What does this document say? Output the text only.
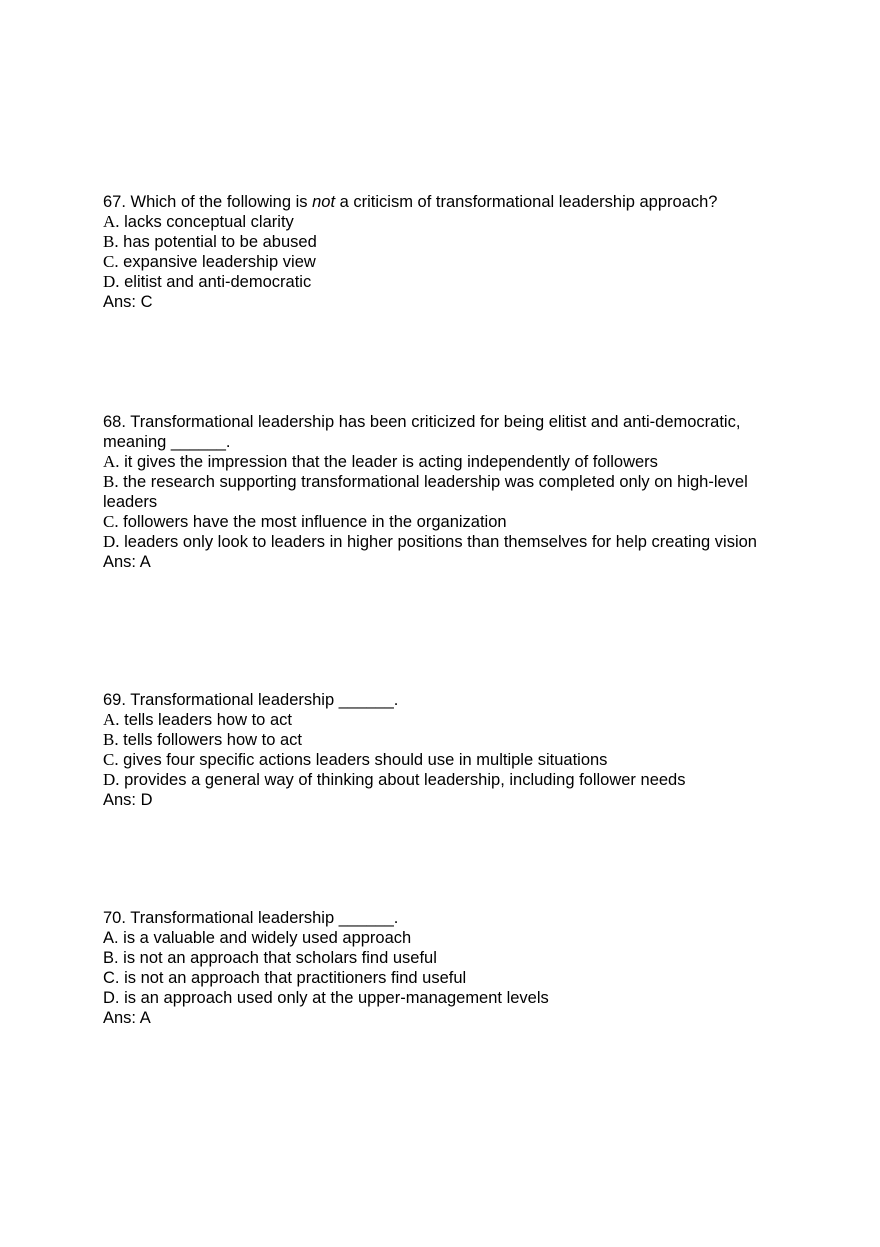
67. Which of the following is not a criticism of transformational leadership approach?

A. lacks conceptual clarity

B. has potential to be abused

C. expansive leadership view

D. elitist and anti-democratic

Ans: C

68. Transformational leadership has been criticized for being elitist and anti-democratic, meaning ______.

A. it gives the impression that the leader is acting independently of followers

B. the research supporting transformational leadership was completed only on high-level leaders

C. followers have the most influence in the organization

D. leaders only look to leaders in higher positions than themselves for help creating vision

Ans: A

69. Transformational leadership ______.

A. tells leaders how to act

B. tells followers how to act

C. gives four specific actions leaders should use in multiple situations

D. provides a general way of thinking about leadership, including follower needs

Ans: D

70. Transformational leadership ______.

A. is a valuable and widely used approach

B. is not an approach that scholars find useful

C. is not an approach that practitioners find useful

D. is an approach used only at the upper-management levels

Ans: A
